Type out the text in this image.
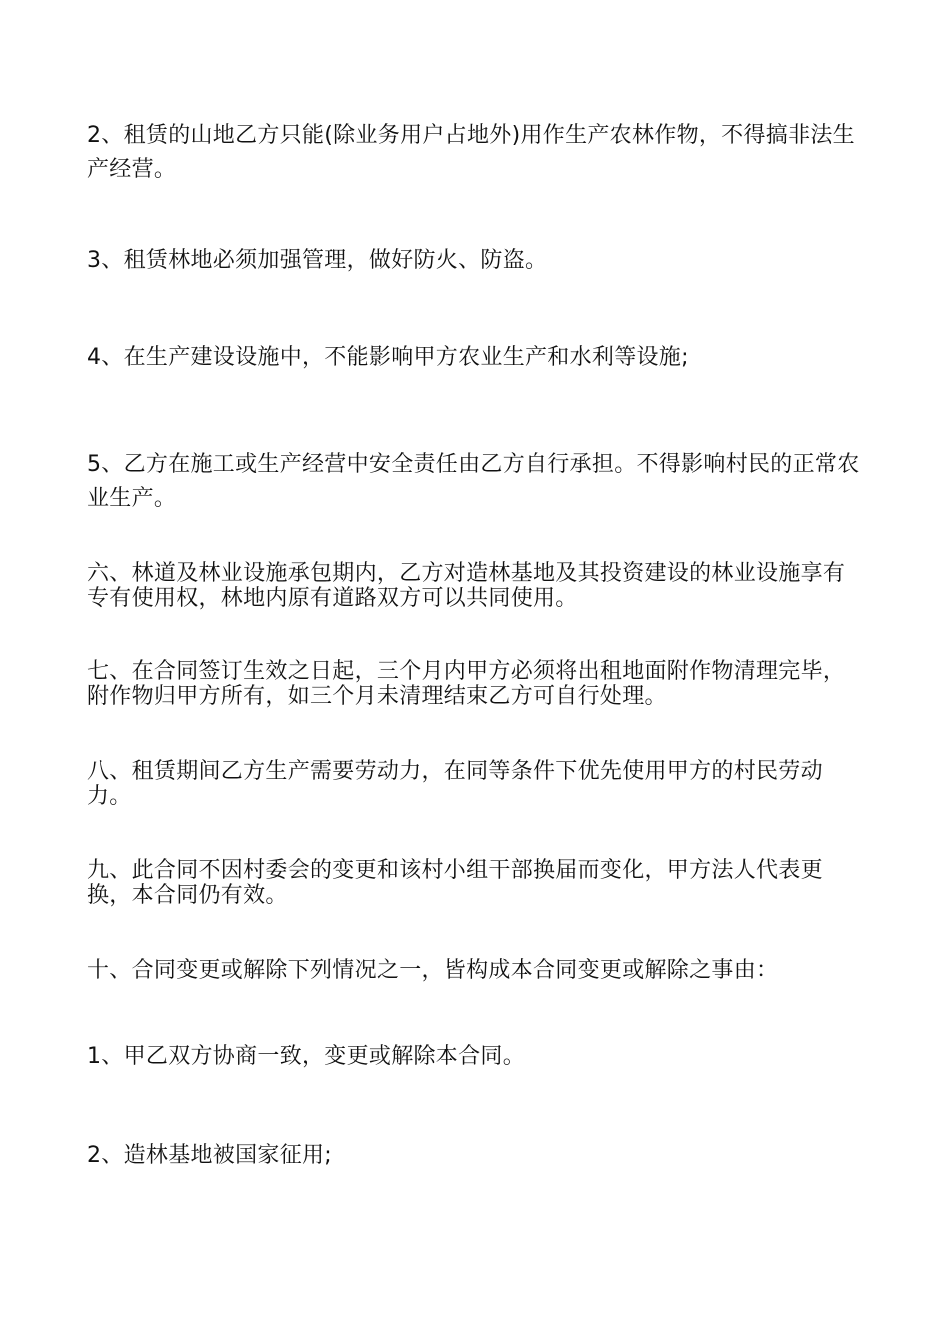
2、租赁的山地乙方只能(除业务用户占地外)用作生产农林作物，不得搞非法生产经营。

3、租赁林地必须加强管理，做好防火、防盗。

4、在生产建设设施中，不能影响甲方农业生产和水利等设施;

5、乙方在施工或生产经营中安全责任由乙方自行承担。不得影响村民的正常农业生产。

六、林道及林业设施承包期内，乙方对造林基地及其投资建设的林业设施享有专有使用权，林地内原有道路双方可以共同使用。

七、在合同签订生效之日起，三个月内甲方必须将出租地面附作物清理完毕，附作物归甲方所有，如三个月未清理结束乙方可自行处理。

八、租赁期间乙方生产需要劳动力，在同等条件下优先使用甲方的村民劳动力。

九、此合同不因村委会的变更和该村小组干部换届而变化，甲方法人代表更换，本合同仍有效。

十、合同变更或解除下列情况之一，皆构成本合同变更或解除之事由：

1、甲乙双方协商一致，变更或解除本合同。

2、造林基地被国家征用;
